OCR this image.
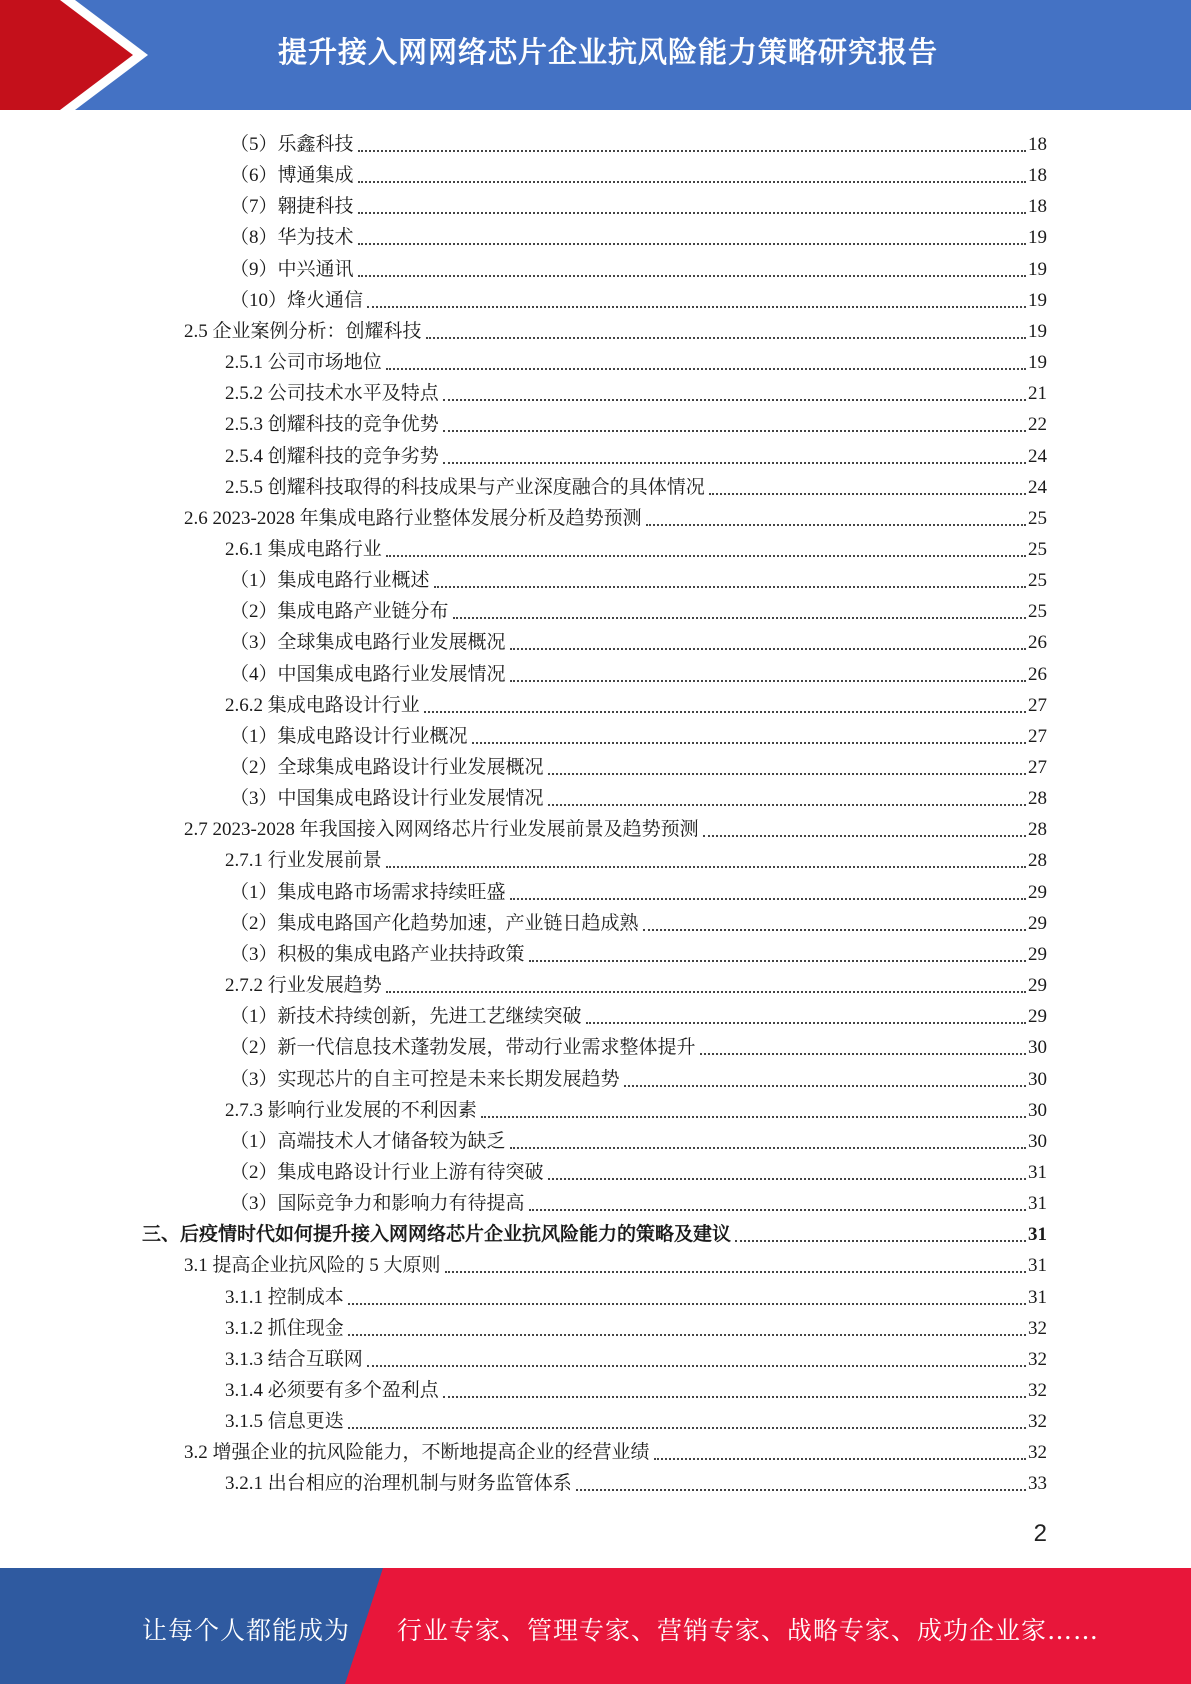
提升接入网网络芯片企业抗风险能力策略研究报告
（5）乐鑫科技	18
（6）博通集成	18
（7）翱捷科技	18
（8）华为技术	19
（9）中兴通讯	19
（10）烽火通信	19
2.5 企业案例分析：创耀科技	19
2.5.1 公司市场地位	19
2.5.2 公司技术水平及特点	21
2.5.3 创耀科技的竞争优势	22
2.5.4 创耀科技的竞争劣势	24
2.5.5 创耀科技取得的科技成果与产业深度融合的具体情况	24
2.6 2023-2028 年集成电路行业整体发展分析及趋势预测	25
2.6.1 集成电路行业	25
（1）集成电路行业概述	25
（2）集成电路产业链分布	25
（3）全球集成电路行业发展概况	26
（4）中国集成电路行业发展情况	26
2.6.2 集成电路设计行业	27
（1）集成电路设计行业概况	27
（2）全球集成电路设计行业发展概况	27
（3）中国集成电路设计行业发展情况	28
2.7 2023-2028 年我国接入网网络芯片行业发展前景及趋势预测	28
2.7.1 行业发展前景	28
（1）集成电路市场需求持续旺盛	29
（2）集成电路国产化趋势加速，产业链日趋成熟	29
（3）积极的集成电路产业扶持政策	29
2.7.2 行业发展趋势	29
（1）新技术持续创新，先进工艺继续突破	29
（2）新一代信息技术蓬勃发展，带动行业需求整体提升	30
（3）实现芯片的自主可控是未来长期发展趋势	30
2.7.3 影响行业发展的不利因素	30
（1）高端技术人才储备较为缺乏	30
（2）集成电路设计行业上游有待突破	31
（3）国际竞争力和影响力有待提高	31
三、后疫情时代如何提升接入网网络芯片企业抗风险能力的策略及建议	31
3.1 提高企业抗风险的 5 大原则	31
3.1.1 控制成本	31
3.1.2 抓住现金	32
3.1.3 结合互联网	32
3.1.4 必须要有多个盈利点	32
3.1.5 信息更迭	32
3.2 增强企业的抗风险能力，不断地提高企业的经营业绩	32
3.2.1 出台相应的治理机制与财务监管体系	33
2
让每个人都能成为 行业专家、管理专家、营销专家、战略专家、成功企业家……
